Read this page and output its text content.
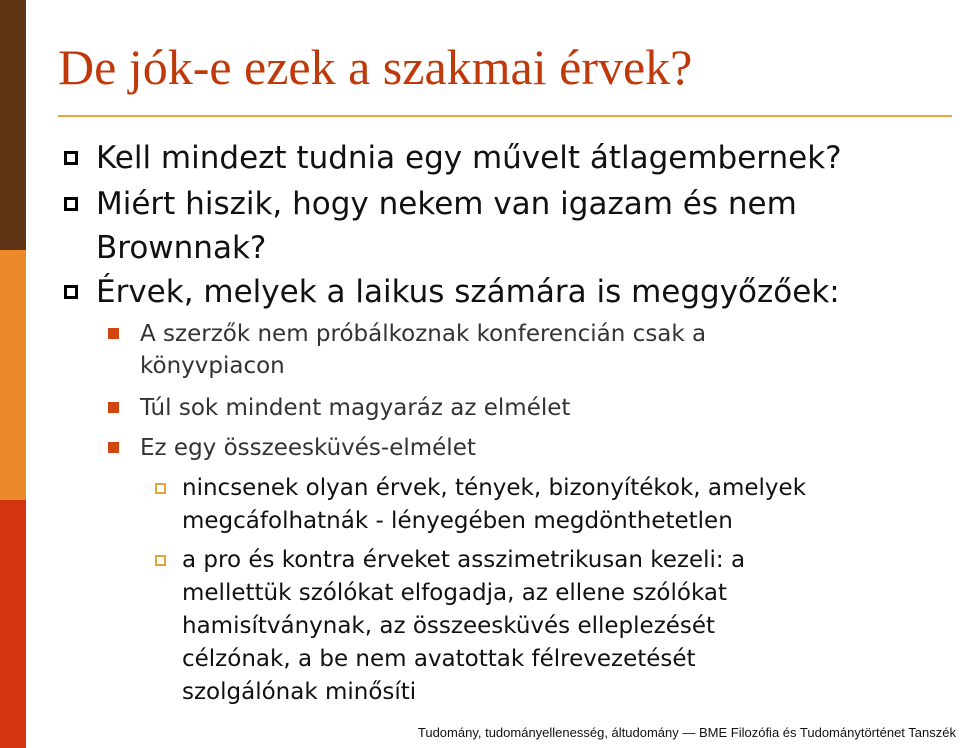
De jók-e ezek a szakmai érvek?
Kell mindezt tudnia egy művelt átlagembernek?
Miért hiszik, hogy nekem van igazam és nem
Brownnak?
Érvek, melyek a laikus számára is meggyőzőek:
A szerzők nem próbálkoznak konferencián csak a
könyvpiacon
Túl sok mindent magyaráz az elmélet
Ez egy összeesküvés-elmélet
nincsenek olyan érvek, tények, bizonyítékok, amelyek
megcáfolhatnák - lényegében megdönthetetlen
a pro és kontra érveket asszimetrikusan kezeli: a
mellettük szólókat elfogadja, az ellene szólókat
hamisítványnak, az összeesküvés elleplezését
célzónak, a be nem avatottak félrevezetését
szolgálónak minősíti
Tudomány, tudományellenesség, áltudomány — BME Filozófia és Tudománytörténet Tanszék
